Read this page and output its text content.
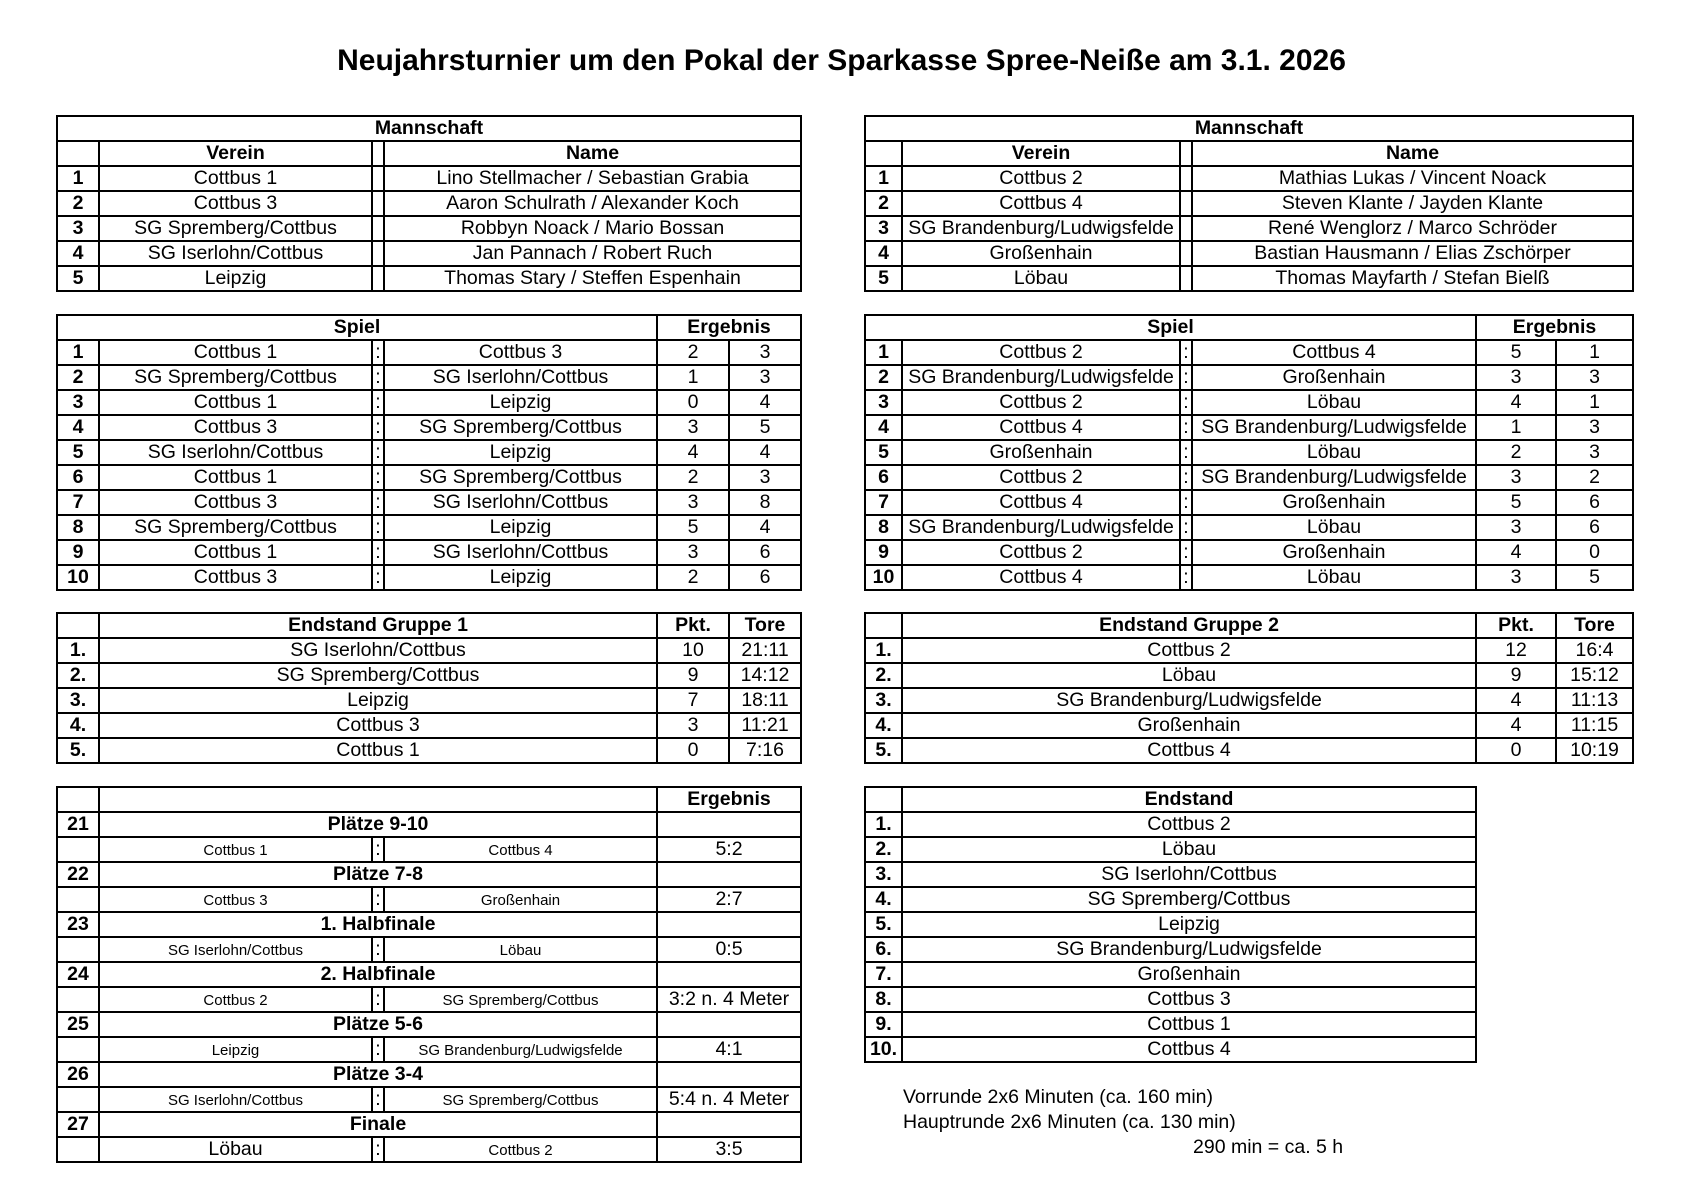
Neujahrsturnier um den Pokal der Sparkasse Spree-Neiße am 3.1. 2026
Mannschaft			
	Verein		Name
1	Cottbus 1		Lino Stellmacher / Sebastian Grabia
2	Cottbus 3		Aaron Schulrath / Alexander Koch
3	SG Spremberg/Cottbus		Robbyn Noack / Mario Bossan
4	SG Iserlohn/Cottbus		Jan Pannach / Robert Ruch
5	Leipzig		Thomas Stary / Steffen Espenhain
Mannschaft			
	Verein		Name
1	Cottbus 2		Mathias Lukas / Vincent Noack
2	Cottbus 4		Steven Klante / Jayden Klante
3	SG Brandenburg/Ludwigsfelde		René Wenglorz / Marco Schröder
4	Großenhain		Bastian Hausmann / Elias Zschörper
5	Löbau		Thomas Mayfarth / Stefan Bielß
Spiel				Ergebnis	
1	Cottbus 1	:	Cottbus 3	2	3
2	SG Spremberg/Cottbus	:	SG Iserlohn/Cottbus	1	3
3	Cottbus 1	:	Leipzig	0	4
4	Cottbus 3	:	SG Spremberg/Cottbus	3	5
5	SG Iserlohn/Cottbus	:	Leipzig	4	4
6	Cottbus 1	:	SG Spremberg/Cottbus	2	3
7	Cottbus 3	:	SG Iserlohn/Cottbus	3	8
8	SG Spremberg/Cottbus	:	Leipzig	5	4
9	Cottbus 1	:	SG Iserlohn/Cottbus	3	6
10	Cottbus 3	:	Leipzig	2	6
Spiel				Ergebnis	
1	Cottbus 2	:	Cottbus 4	5	1
2	SG Brandenburg/Ludwigsfelde	:	Großenhain	3	3
3	Cottbus 2	:	Löbau	4	1
4	Cottbus 4	:	SG Brandenburg/Ludwigsfelde	1	3
5	Großenhain	:	Löbau	2	3
6	Cottbus 2	:	SG Brandenburg/Ludwigsfelde	3	2
7	Cottbus 4	:	Großenhain	5	6
8	SG Brandenburg/Ludwigsfelde	:	Löbau	3	6
9	Cottbus 2	:	Großenhain	4	0
10	Cottbus 4	:	Löbau	3	5
	Endstand Gruppe 1	Pkt.	Tore
1.	SG Iserlohn/Cottbus	10	21:11
2.	SG Spremberg/Cottbus	9	14:12
3.	Leipzig	7	18:11
4.	Cottbus 3	3	11:21
5.	Cottbus 1	0	7:16
	Endstand Gruppe 2	Pkt.	Tore
1.	Cottbus 2	12	16:4
2.	Löbau	9	15:12
3.	SG Brandenburg/Ludwigsfelde	4	11:13
4.	Großenhain	4	11:15
5.	Cottbus 4	0	10:19
				Ergebnis
21	Plätze 9-10			
	Cottbus 1	:	Cottbus 4	5:2
22	Plätze 7-8			
	Cottbus 3	:	Großenhain	2:7
23	1. Halbfinale			
	SG Iserlohn/Cottbus	:	Löbau	0:5
24	2. Halbfinale			
	Cottbus 2	:	SG Spremberg/Cottbus	3:2 n. 4 Meter
25	Plätze 5-6			
	Leipzig	:	SG Brandenburg/Ludwigsfelde	4:1
26	Plätze 3-4			
	SG Iserlohn/Cottbus	:	SG Spremberg/Cottbus	5:4 n. 4 Meter
27	Finale			
	Löbau	:	Cottbus 2	3:5
	Endstand
1.	Cottbus 2
2.	Löbau
3.	SG Iserlohn/Cottbus
4.	SG Spremberg/Cottbus
5.	Leipzig
6.	SG Brandenburg/Ludwigsfelde
7.	Großenhain
8.	Cottbus 3
9.	Cottbus 1
10.	Cottbus 4
Vorrunde 2x6 Minuten (ca. 160 min)
Hauptrunde 2x6 Minuten (ca. 130 min)
290 min = ca. 5 h
